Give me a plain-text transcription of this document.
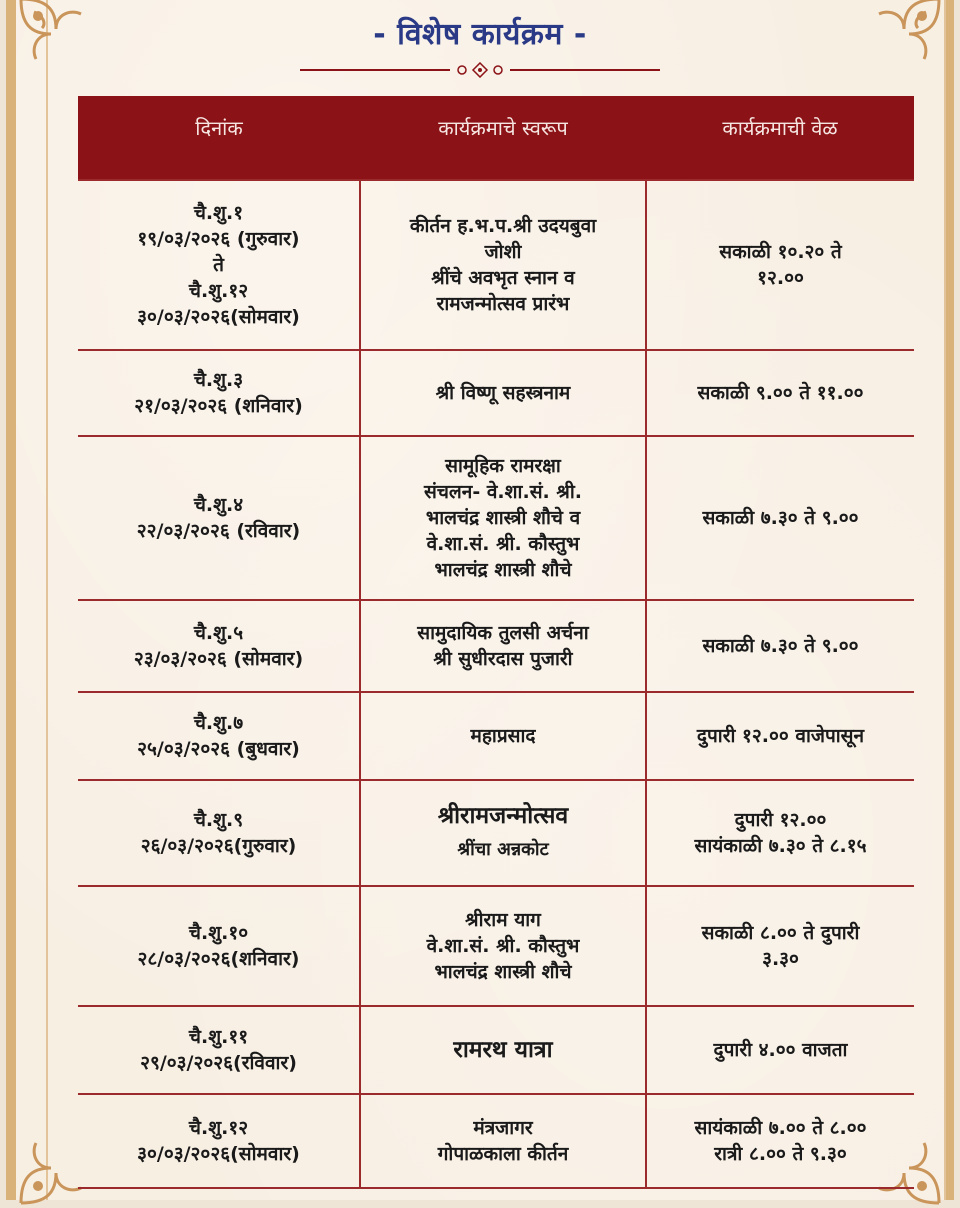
- विशेष कार्यक्रम -
दिनांक	कार्यक्रमाचे स्वरूप	कार्यक्रमाची वेळ

चै.शु.१
१९/०३/२०२६ (गुरुवार)
ते
चै.शु.१२
३०/०३/२०२६(सोमवार)	कीर्तन ह.भ.प.श्री उदयबुवा
जोशी
श्रींचे अवभृत स्नान व
रामजन्मोत्सव प्रारंभ	सकाळी १०.२० ते
१२.००

चै.शु.३
२१/०३/२०२६ (शनिवार)	श्री विष्णू सहस्त्रनाम	सकाळी ९.०० ते ११.००

चै.शु.४
२२/०३/२०२६ (रविवार)	सामूहिक रामरक्षा
संचलन- वे.शा.सं. श्री.
भालचंद्र शास्त्री शौचे व
वे.शा.सं. श्री. कौस्तुभ
भालचंद्र शास्त्री शौचे	सकाळी ७.३० ते ९.००

चै.शु.५
२३/०३/२०२६ (सोमवार)	सामुदायिक तुलसी अर्चना
श्री सुधीरदास पुजारी	सकाळी ७.३० ते ९.००

चै.शु.७
२५/०३/२०२६ (बुधवार)	महाप्रसाद	दुपारी १२.०० वाजेपासून

चै.शु.९
२६/०३/२०२६(गुरुवार)	श्रीरामजन्मोत्सव
श्रींचा अन्नकोट	दुपारी १२.००
सायंकाळी ७.३० ते ८.१५

चै.शु.१०
२८/०३/२०२६(शनिवार)	श्रीराम याग
वे.शा.सं. श्री. कौस्तुभ
भालचंद्र शास्त्री शौचे	सकाळी ८.०० ते दुपारी
३.३०

चै.शु.११
२९/०३/२०२६(रविवार)	रामरथ यात्रा	दुपारी ४.०० वाजता

चै.शु.१२
३०/०३/२०२६(सोमवार)	मंत्रजागर
गोपाळकाला कीर्तन	सायंकाळी ७.०० ते ८.००
रात्री ८.०० ते ९.३०
